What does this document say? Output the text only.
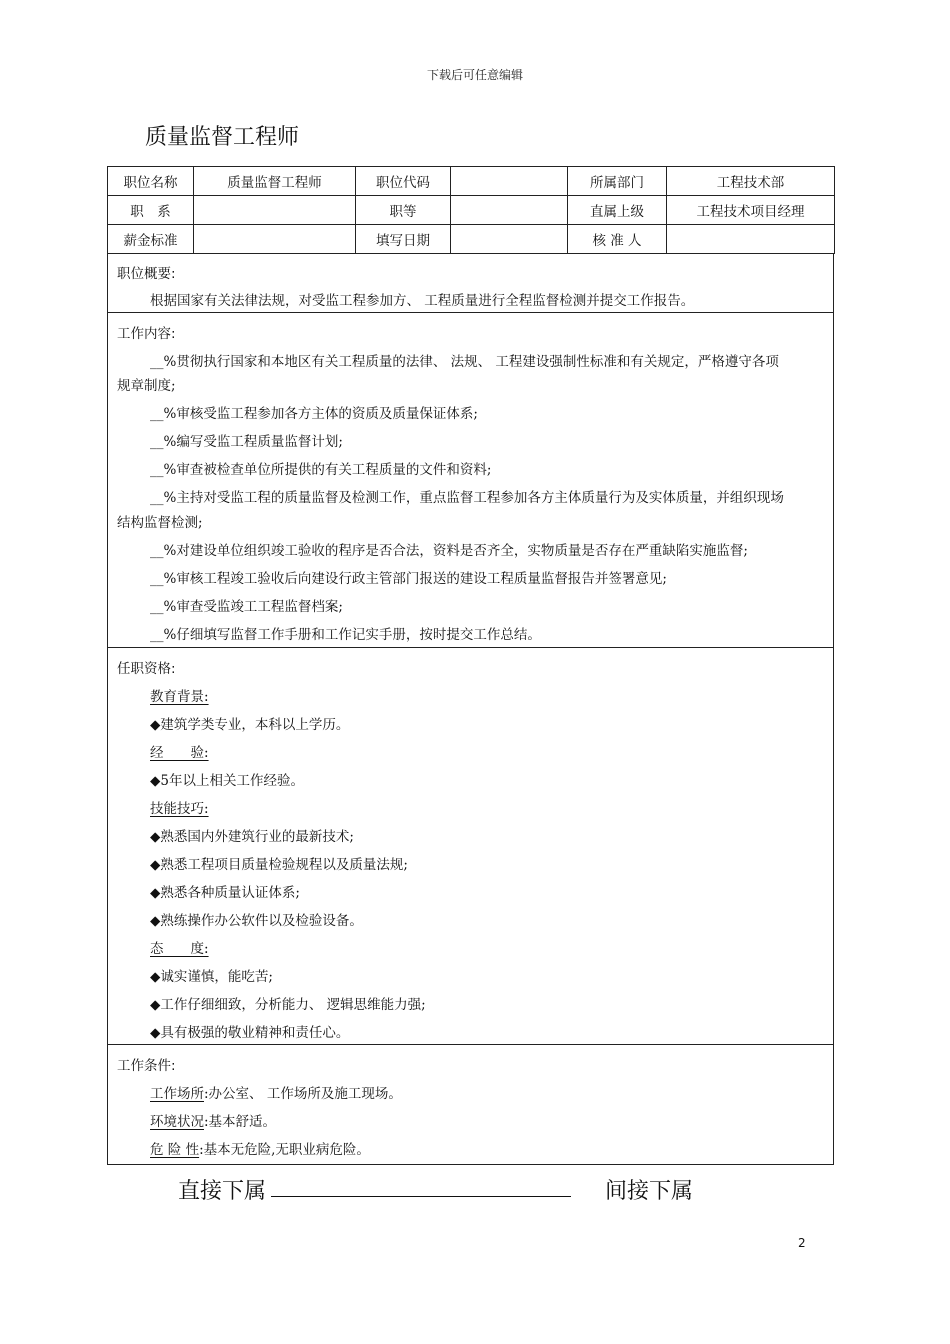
下载后可任意编辑
质量监督工程师
职位名称	质量监督工程师	职位代码		所属部门	工程技术部
职　系		职等		直属上级	工程技术项目经理
薪金标准		填写日期		核 准 人	
职位概要:
根据国家有关法律法规，对受监工程参加方、 工程质量进行全程监督检测并提交工作报告。
工作内容:
__%贯彻执行国家和本地区有关工程质量的法律、 法规、 工程建设强制性标准和有关规定，严格遵守各项
规章制度;
__%审核受监工程参加各方主体的资质及质量保证体系;
__%编写受监工程质量监督计划;
__%审查被检查单位所提供的有关工程质量的文件和资料;
__%主持对受监工程的质量监督及检测工作，重点监督工程参加各方主体质量行为及实体质量，并组织现场
结构监督检测;
__%对建设单位组织竣工验收的程序是否合法，资料是否齐全，实物质量是否存在严重缺陷实施监督;
__%审核工程竣工验收后向建设行政主管部门报送的建设工程质量监督报告并签署意见;
__%审查受监竣工工程监督档案;
__%仔细填写监督工作手册和工作记实手册，按时提交工作总结。
任职资格:
教育背景:
◆建筑学类专业，本科以上学历。
经　　验:
◆5年以上相关工作经验。
技能技巧:
◆熟悉国内外建筑行业的最新技术;
◆熟悉工程项目质量检验规程以及质量法规;
◆熟悉各种质量认证体系;
◆熟练操作办公软件以及检验设备。
态　　度:
◆诚实谨慎，能吃苦;
◆工作仔细细致，分析能力、 逻辑思维能力强;
◆具有极强的敬业精神和责任心。
工作条件:
工作场所:办公室、 工作场所及施工现场。
环境状况:基本舒适。
危 险 性:基本无危险,无职业病危险。
直接下属	间接下属
2
